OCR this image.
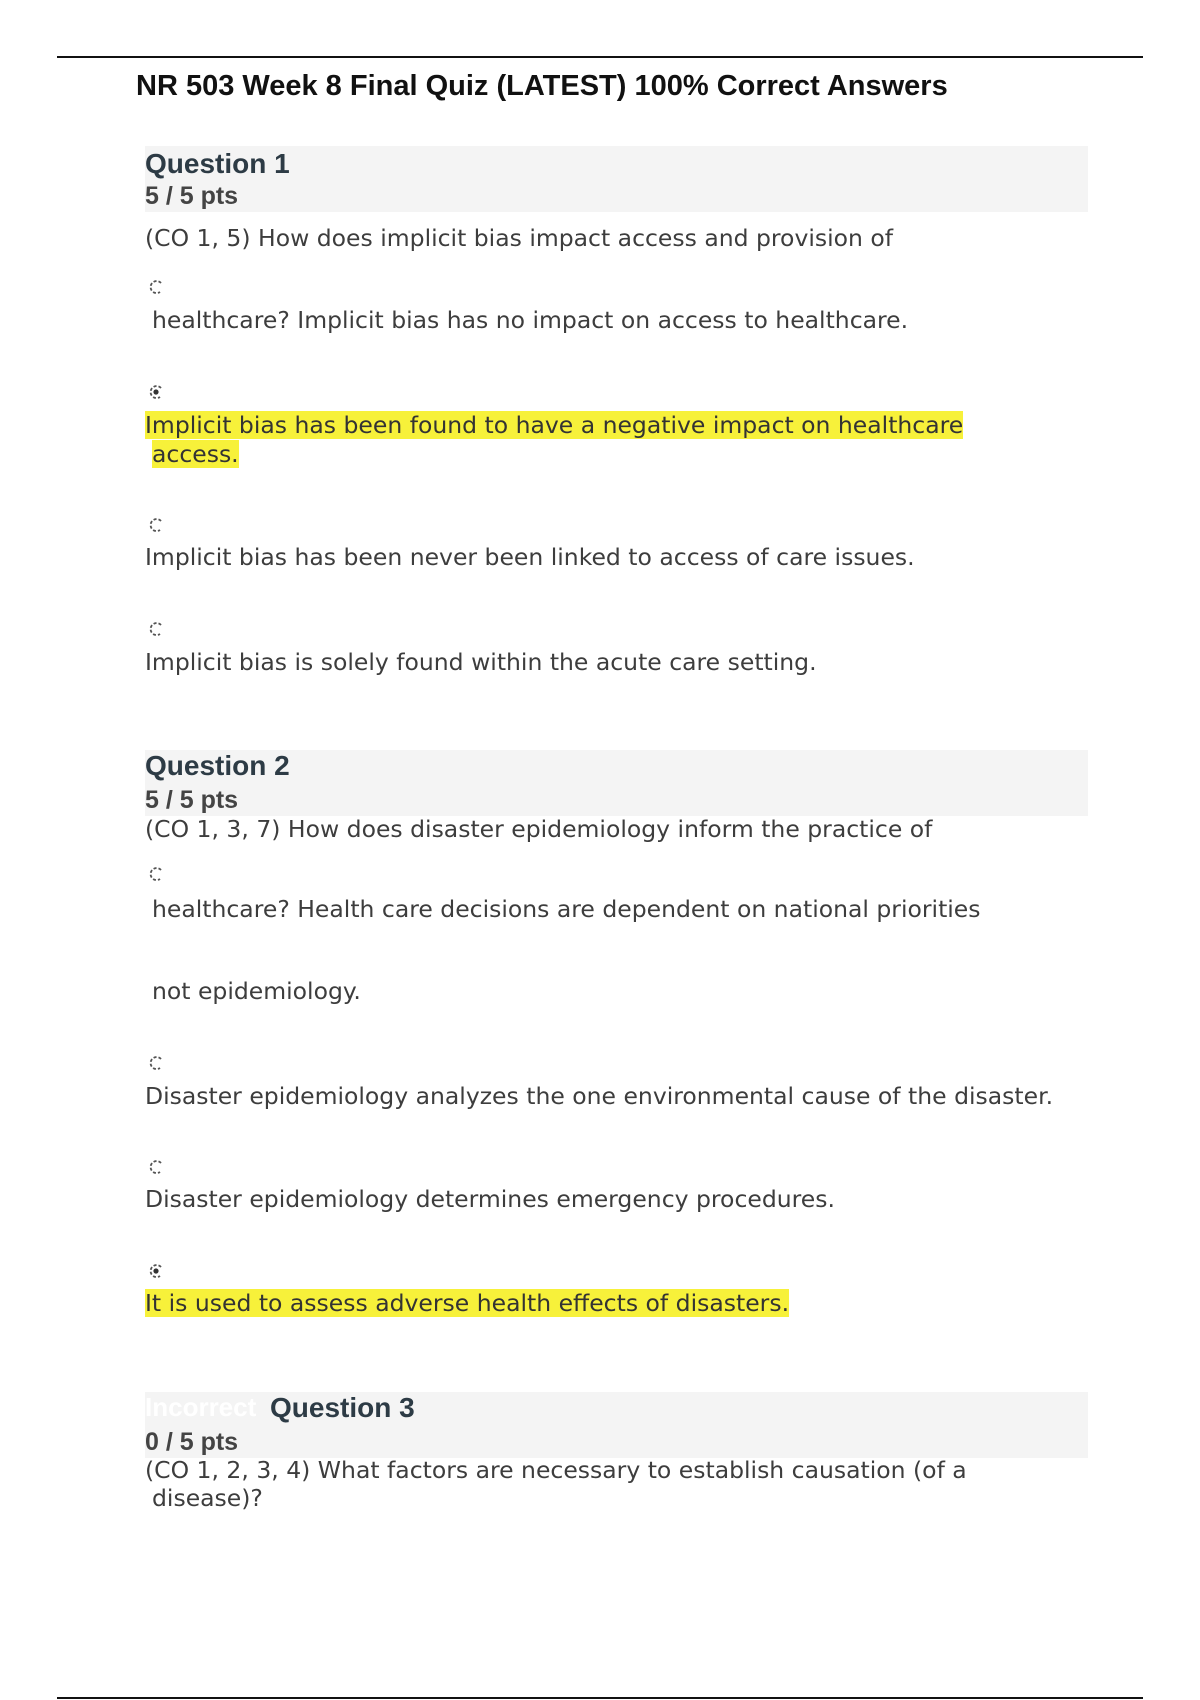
NR 503 Week 8 Final Quiz (LATEST) 100% Correct Answers
Question 1
5 / 5 pts
(CO 1, 5) How does implicit bias impact access and provision of
healthcare? Implicit bias has no impact on access to healthcare.
Implicit bias has been found to have a negative impact on healthcare
access.
Implicit bias has been never been linked to access of care issues.
Implicit bias is solely found within the acute care setting.
Question 2
5 / 5 pts
(CO 1, 3, 7) How does disaster epidemiology inform the practice of
healthcare? Health care decisions are dependent on national priorities
not epidemiology.
Disaster epidemiology analyzes the one environmental cause of the disaster.
Disaster epidemiology determines emergency procedures.
It is used to assess adverse health effects of disasters.
Incorrect Question 3
0 / 5 pts
(CO 1, 2, 3, 4) What factors are necessary to establish causation (of a
disease)?
